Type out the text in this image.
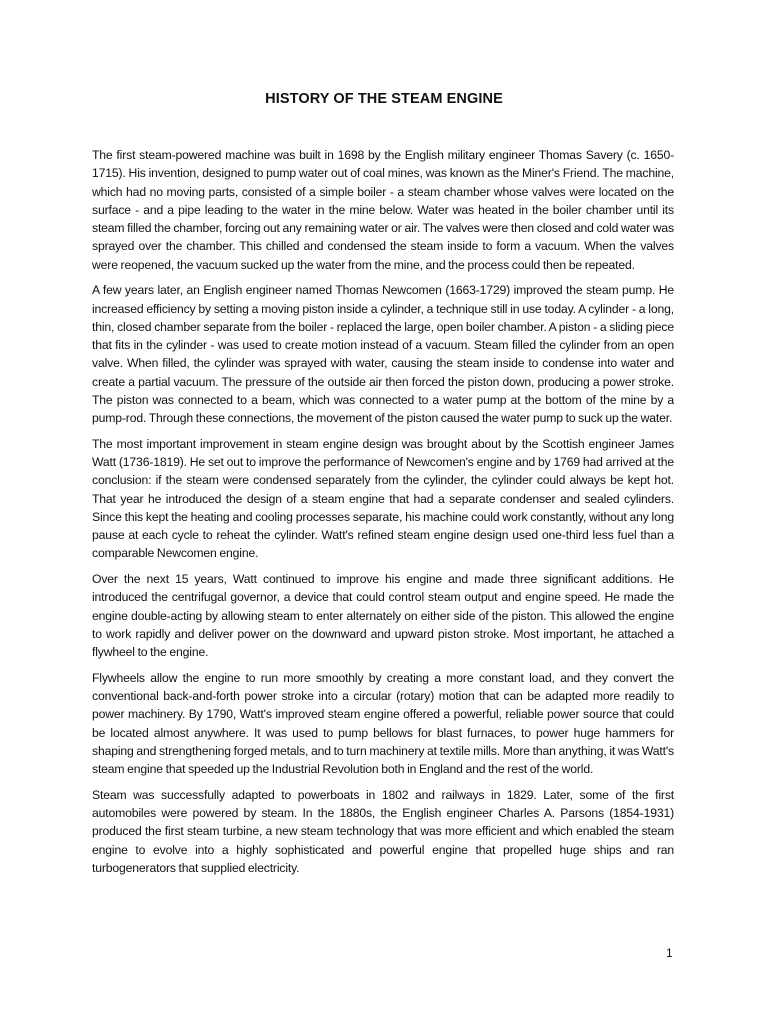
HISTORY OF THE STEAM ENGINE

The first steam-powered machine was built in 1698 by the English military engineer Thomas Savery (c. 1650-1715). His invention, designed to pump water out of coal mines, was known as the Miner's Friend. The machine, which had no moving parts, consisted of a simple boiler - a steam chamber whose valves were located on the surface - and a pipe leading to the water in the mine below. Water was heated in the boiler chamber until its steam filled the chamber, forcing out any remaining water or air. The valves were then closed and cold water was sprayed over the chamber. This chilled and condensed the steam inside to form a vacuum. When the valves were reopened, the vacuum sucked up the water from the mine, and the process could then be repeated.

A few years later, an English engineer named Thomas Newcomen (1663-1729) improved the steam pump. He increased efficiency by setting a moving piston inside a cylinder, a technique still in use today. A cylinder - a long, thin, closed chamber separate from the boiler - replaced the large, open boiler chamber. A piston - a sliding piece that fits in the cylinder - was used to create motion instead of a vacuum. Steam filled the cylinder from an open valve. When filled, the cylinder was sprayed with water, causing the steam inside to condense into water and create a partial vacuum. The pressure of the outside air then forced the piston down, producing a power stroke. The piston was connected to a beam, which was connected to a water pump at the bottom of the mine by a pump-rod. Through these connections, the movement of the piston caused the water pump to suck up the water.

The most important improvement in steam engine design was brought about by the Scottish engineer James Watt (1736-1819). He set out to improve the performance of Newcomen's engine and by 1769 had arrived at the conclusion: if the steam were condensed separately from the cylinder, the cylinder could always be kept hot. That year he introduced the design of a steam engine that had a separate condenser and sealed cylinders. Since this kept the heating and cooling processes separate, his machine could work constantly, without any long pause at each cycle to reheat the cylinder. Watt's refined steam engine design used one-third less fuel than a comparable Newcomen engine.

Over the next 15 years, Watt continued to improve his engine and made three significant additions. He introduced the centrifugal governor, a device that could control steam output and engine speed. He made the engine double-acting by allowing steam to enter alternately on either side of the piston. This allowed the engine to work rapidly and deliver power on the downward and upward piston stroke. Most important, he attached a flywheel to the engine.

Flywheels allow the engine to run more smoothly by creating a more constant load, and they convert the conventional back-and-forth power stroke into a circular (rotary) motion that can be adapted more readily to power machinery. By 1790, Watt's improved steam engine offered a powerful, reliable power source that could be located almost anywhere. It was used to pump bellows for blast furnaces, to power huge hammers for shaping and strengthening forged metals, and to turn machinery at textile mills. More than anything, it was Watt's steam engine that speeded up the Industrial Revolution both in England and the rest of the world.

Steam was successfully adapted to powerboats in 1802 and railways in 1829. Later, some of the first automobiles were powered by steam. In the 1880s, the English engineer Charles A. Parsons (1854-1931) produced the first steam turbine, a new steam technology that was more efficient and which enabled the steam engine to evolve into a highly sophisticated and powerful engine that propelled huge ships and ran turbogenerators that supplied electricity.

1
